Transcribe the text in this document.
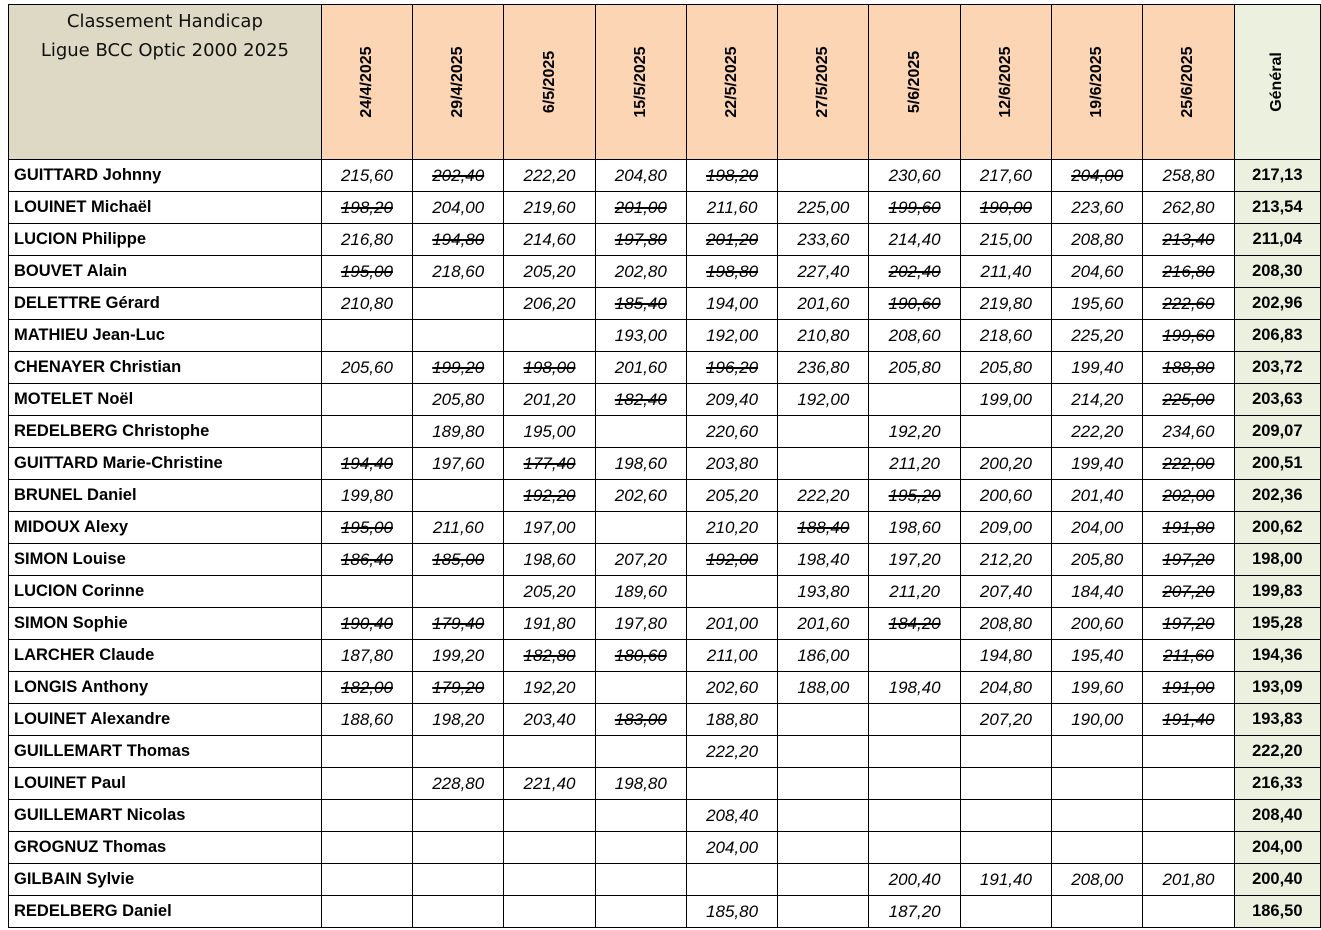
Classement Handicap
Ligue BCC Optic 2000 2025	24/4/2025	29/4/2025	6/5/2025	15/5/2025	22/5/2025	27/5/2025	5/6/2025	12/6/2025	19/6/2025	25/6/2025	Général

GUITTARD Johnny	215,60	202,40	222,20	204,80	198,20		230,60	217,60	204,00	258,80	217,13
LOUINET Michaël	198,20	204,00	219,60	201,00	211,60	225,00	199,60	190,00	223,60	262,80	213,54
LUCION Philippe	216,80	194,80	214,60	197,80	201,20	233,60	214,40	215,00	208,80	213,40	211,04
BOUVET Alain	195,00	218,60	205,20	202,80	198,80	227,40	202,40	211,40	204,60	216,80	208,30
DELETTRE Gérard	210,80		206,20	185,40	194,00	201,60	190,60	219,80	195,60	222,60	202,96
MATHIEU Jean-Luc				193,00	192,00	210,80	208,60	218,60	225,20	199,60	206,83
CHENAYER Christian	205,60	199,20	198,00	201,60	196,20	236,80	205,80	205,80	199,40	188,80	203,72
MOTELET Noël		205,80	201,20	182,40	209,40	192,00		199,00	214,20	225,00	203,63
REDELBERG Christophe		189,80	195,00		220,60		192,20		222,20	234,60	209,07
GUITTARD Marie-Christine	194,40	197,60	177,40	198,60	203,80		211,20	200,20	199,40	222,00	200,51
BRUNEL Daniel	199,80		192,20	202,60	205,20	222,20	195,20	200,60	201,40	202,00	202,36
MIDOUX Alexy	195,00	211,60	197,00		210,20	188,40	198,60	209,00	204,00	191,80	200,62
SIMON Louise	186,40	185,00	198,60	207,20	192,00	198,40	197,20	212,20	205,80	197,20	198,00
LUCION Corinne			205,20	189,60		193,80	211,20	207,40	184,40	207,20	199,83
SIMON Sophie	190,40	179,40	191,80	197,80	201,00	201,60	184,20	208,80	200,60	197,20	195,28
LARCHER Claude	187,80	199,20	182,80	180,60	211,00	186,00		194,80	195,40	211,60	194,36
LONGIS Anthony	182,00	179,20	192,20		202,60	188,00	198,40	204,80	199,60	191,00	193,09
LOUINET Alexandre	188,60	198,20	203,40	183,00	188,80			207,20	190,00	191,40	193,83
GUILLEMART Thomas					222,20						222,20
LOUINET Paul		228,80	221,40	198,80							216,33
GUILLEMART Nicolas					208,40						208,40
GROGNUZ Thomas					204,00						204,00
GILBAIN Sylvie							200,40	191,40	208,00	201,80	200,40
REDELBERG Daniel					185,80		187,20				186,50
